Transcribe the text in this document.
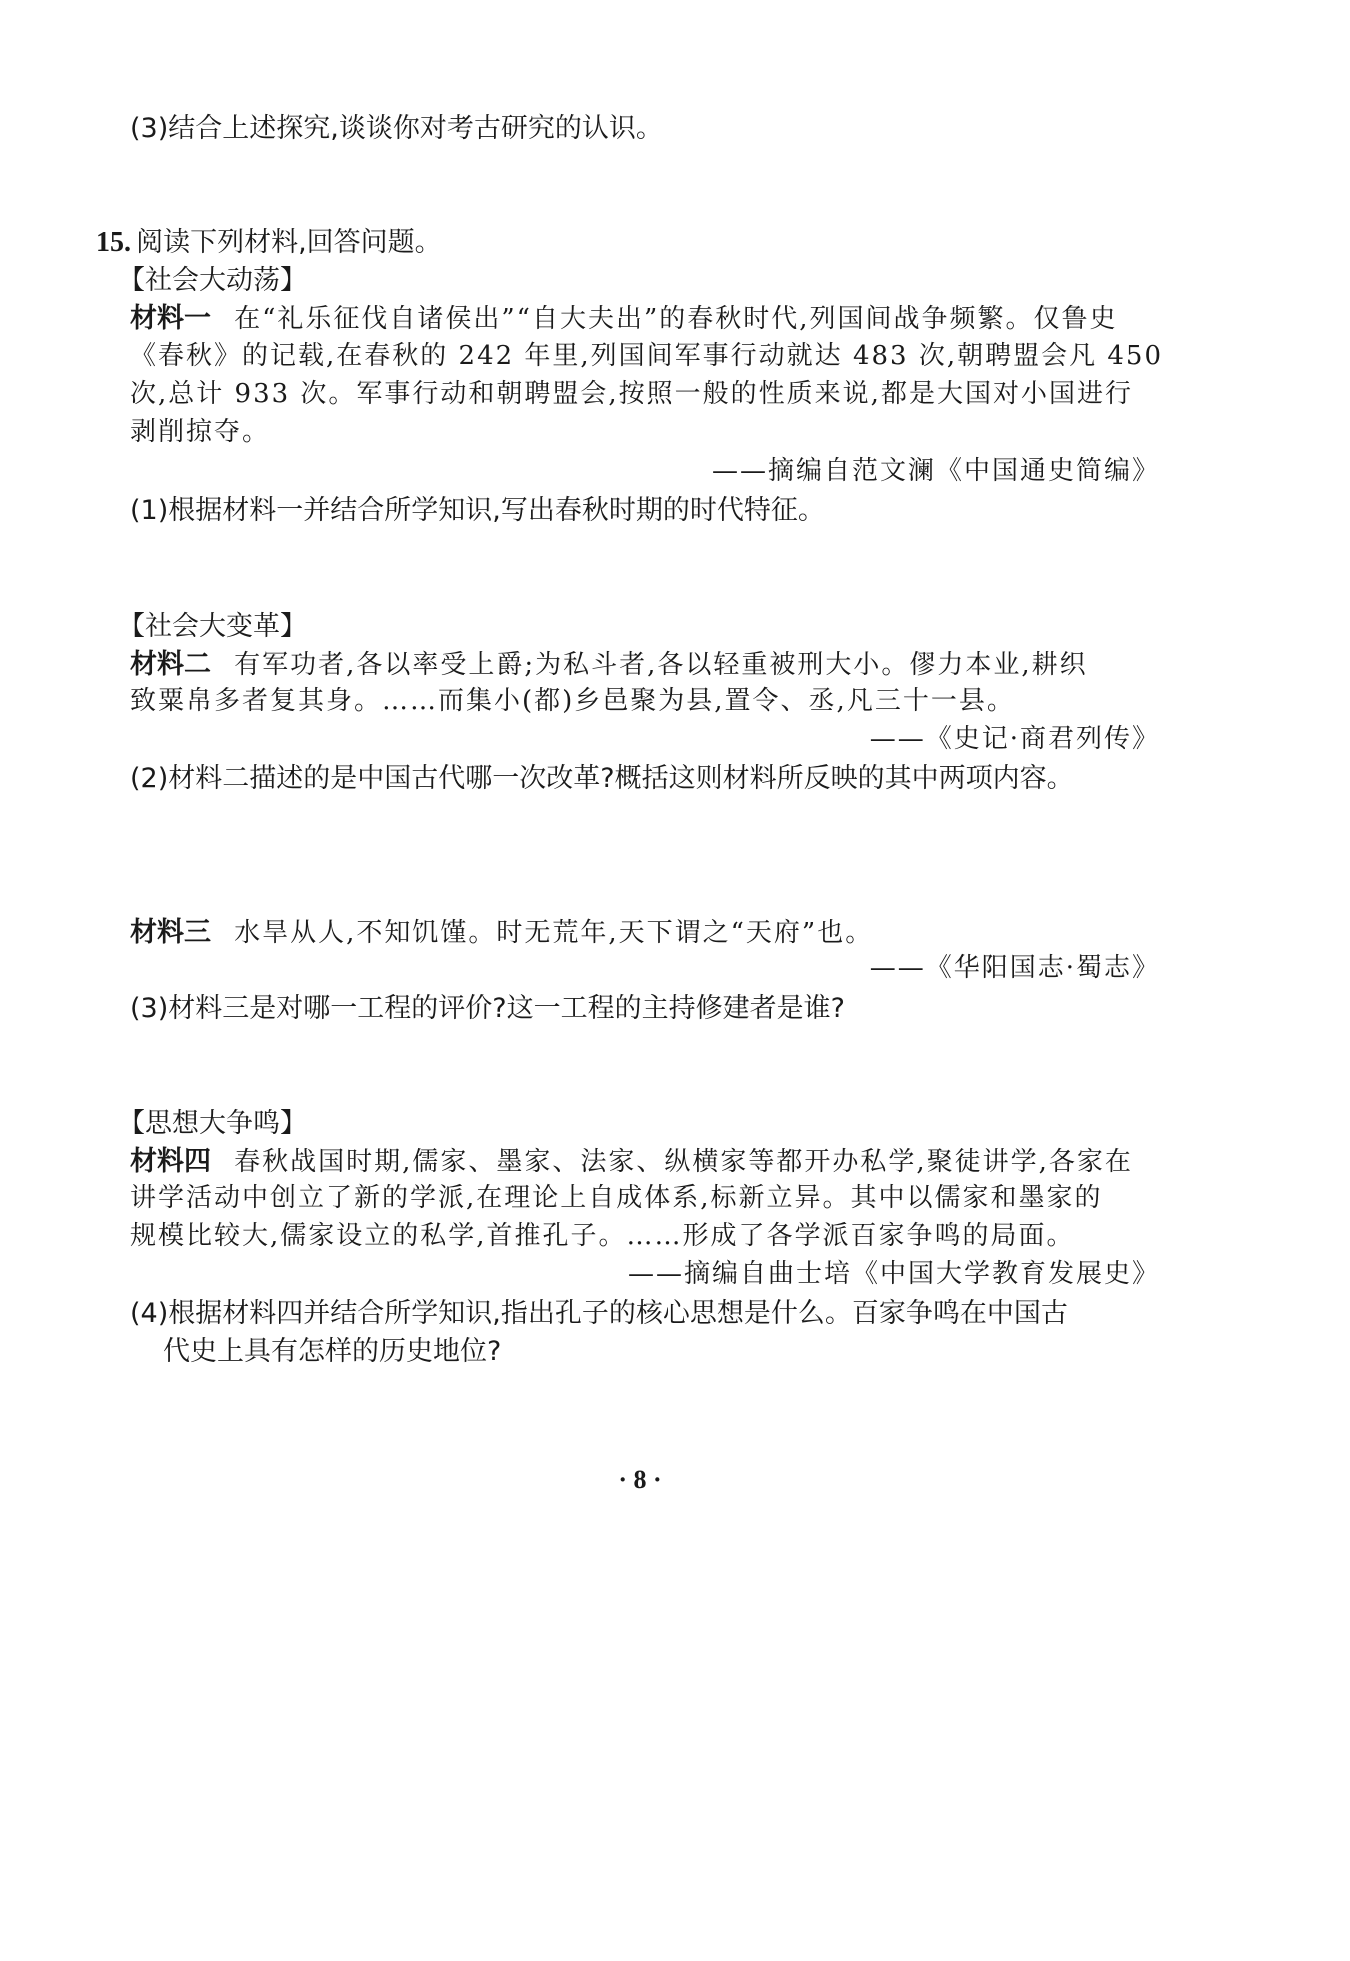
(3)结合上述探究,谈谈你对考古研究的认识。
15. 阅读下列材料,回答问题。
【社会大动荡】
材料一 在“礼乐征伐自诸侯出”“自大夫出”的春秋时代,列国间战争频繁。仅鲁史
《春秋》的记载,在春秋的 242 年里,列国间军事行动就达 483 次,朝聘盟会凡 450
次,总计 933 次。军事行动和朝聘盟会,按照一般的性质来说,都是大国对小国进行
剥削掠夺。
——摘编自范文澜《中国通史简编》
(1)根据材料一并结合所学知识,写出春秋时期的时代特征。
【社会大变革】
材料二 有军功者,各以率受上爵;为私斗者,各以轻重被刑大小。僇力本业,耕织
致粟帛多者复其身。……而集小(都)乡邑聚为县,置令、丞,凡三十一县。
——《史记·商君列传》
(2)材料二描述的是中国古代哪一次改革?概括这则材料所反映的其中两项内容。
材料三 水旱从人,不知饥馑。时无荒年,天下谓之“天府”也。
——《华阳国志·蜀志》
(3)材料三是对哪一工程的评价?这一工程的主持修建者是谁?
【思想大争鸣】
材料四 春秋战国时期,儒家、墨家、法家、纵横家等都开办私学,聚徒讲学,各家在
讲学活动中创立了新的学派,在理论上自成体系,标新立异。其中以儒家和墨家的
规模比较大,儒家设立的私学,首推孔子。……形成了各学派百家争鸣的局面。
——摘编自曲士培《中国大学教育发展史》
(4)根据材料四并结合所学知识,指出孔子的核心思想是什么。百家争鸣在中国古
代史上具有怎样的历史地位?
· 8 ·
